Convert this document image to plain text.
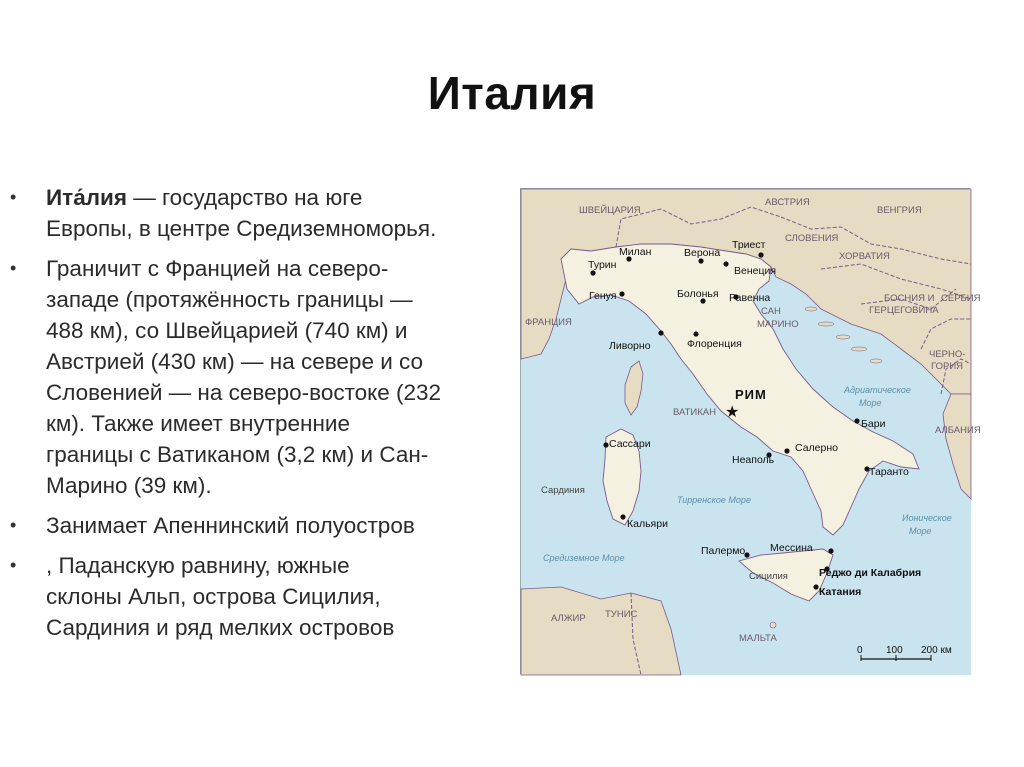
Италия
• Ита́лия — государство на юге
Европы, в центре Средиземноморья.
• Граничит с Францией на северо-
западе (протяжённость границы —
488 км), со Швейцарией (740 км) и
Австрией (430 км) — на севере и со
Словенией — на северо-востоке (232
км). Также имеет внутренние
границы с Ватиканом (3,2 км) и Сан-
Марино (39 км).
• Занимает Апеннинский полуостров
• , Паданскую равнину, южные
склоны Альп, острова Сицилия,
Сардиния и ряд мелких островов
ШВЕЙЦАРИЯ
АВСТРИЯ
ВЕНГРИЯ
СЛОВЕНИЯ
ХОРВАТИЯ
БОСНИЯ И
ГЕРЦЕГОВИНА
СЕРБИЯ
ЧЕРНО-
ГОРИЯ
АЛБАНИЯ
ФРАНЦИЯ
САН
МАРИНО
ВАТИКАН
АЛЖИР ТУНИС
МАЛЬТА
Адриатическое
Море
Тирренское Море
Ионическое
Море
Средиземное Море
★
Милан	Верона
Триест
Турин	Венеция
Генуя	Болонья Равенна
Ливорно	Флоренция
РИМ
Бари
Сассари	Салерно
Неаполь
Таранто
Сардиния
Кальяри
Палермо Мессина
Реджо ди Калабрия
Сицилия
Катания
0 100 200 км
